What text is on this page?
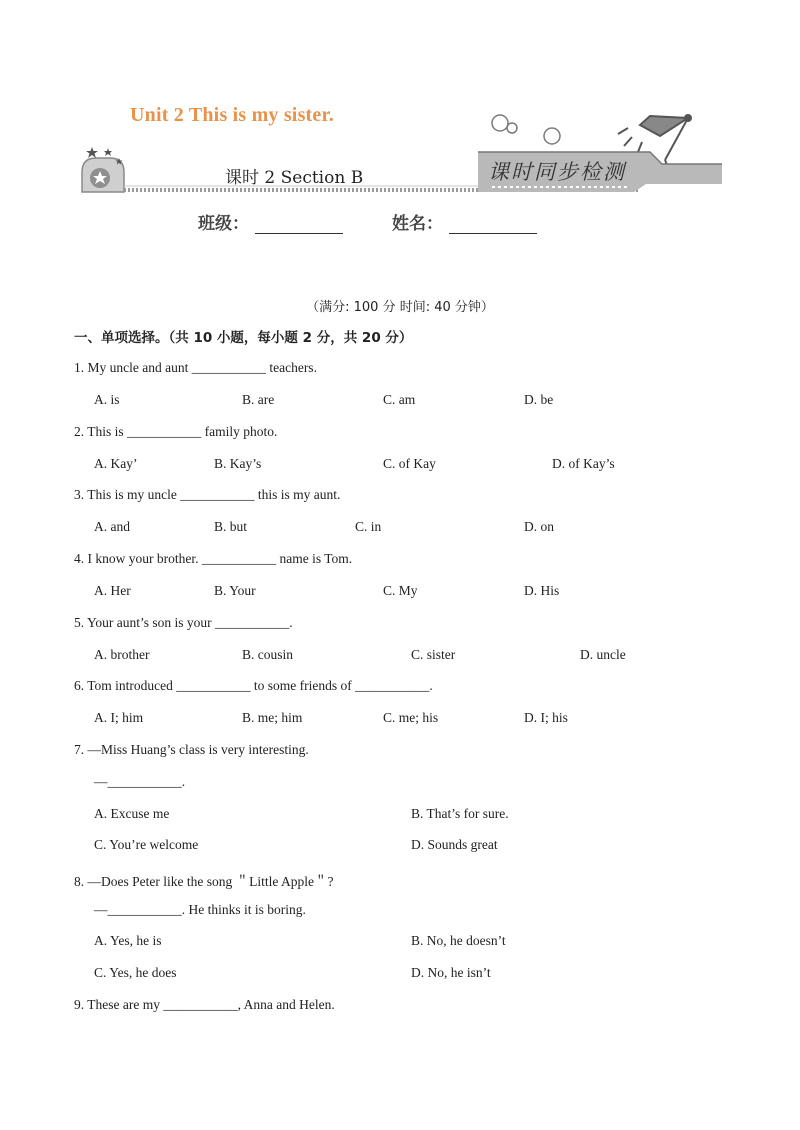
Unit 2 This is my sister.
课时 2 Section B	课时同步检测
班级：	姓名：
（满分: 100 分 时间: 40 分钟）
一、单项选择。（共 10 小题，每小题 2 分，共 20 分）
1. My uncle and aunt ___________ teachers.
A. is	B. are	C. am	D. be
2. This is ___________ family photo.
A. Kay’	B. Kay’s	C. of Kay	D. of Kay’s
3. This is my uncle ___________ this is my aunt.
A. and	B. but	C. in	D. on
4. I know your brother. ___________ name is Tom.
A. Her	B. Your	C. My	D. His
5. Your aunt’s son is your ___________.
A. brother	B. cousin	C. sister	D. uncle
6. Tom introduced ___________ to some friends of ___________.
A. I; him	B. me; him	C. me; his	D. I; his
7. —Miss Huang’s class is very interesting.
—___________.
A. Excuse me	B. That’s for sure.
C. You’re welcome	D. Sounds great
8. —Does Peter like the song ＂Little Apple＂?
—___________. He thinks it is boring.
A. Yes, he is	B. No, he doesn’t
C. Yes, he does	D. No, he isn’t
9. These are my ___________, Anna and Helen.
